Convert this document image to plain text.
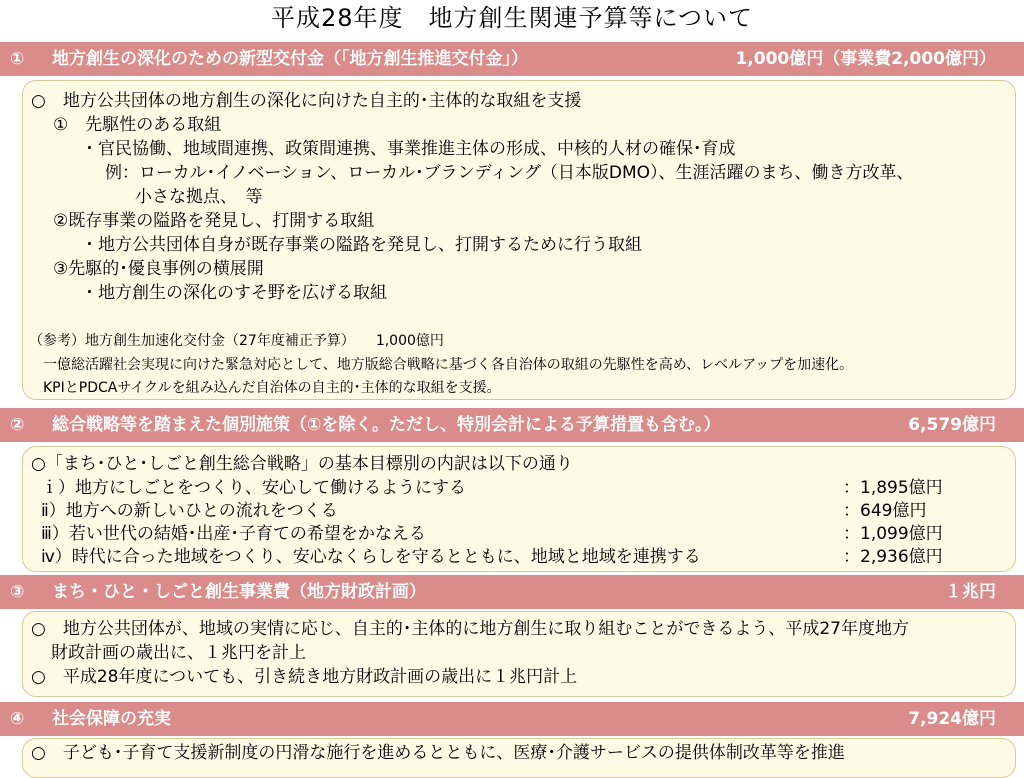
平成28年度　地方創生関連予算等について
① 地方創生の深化のための新型交付金（「地方創生推進交付金」）	1,000億円（事業費2,000億円）
○　地方公共団体の地方創生の深化に向けた自主的･主体的な取組を支援
①　先駆性のある取組
・官民協働、地域間連携、政策間連携、事業推進主体の形成、中核的人材の確保･育成
例：ローカル･イノベーション、ローカル･ブランディング（日本版DMO）、生涯活躍のまち、働き方改革、
小さな拠点、　等
②既存事業の隘路を発見し、打開する取組
・地方公共団体自身が既存事業の隘路を発見し、打開するために行う取組
③先駆的･優良事例の横展開
・地方創生の深化のすそ野を広げる取組
（参考）地方創生加速化交付金（27年度補正予算）　　1,000億円
一億総活躍社会実現に向けた緊急対応として、地方版総合戦略に基づく各自治体の取組の先駆性を高め、レベルアップを加速化。
KPIとPDCAサイクルを組み込んだ自治体の自主的･主体的な取組を支援。
② 総合戦略等を踏まえた個別施策（①を除く。ただし、特別会計による予算措置も含む。）	6,579億円
○「まち･ひと･しごと創生総合戦略」の基本目標別の内訳は以下の通り
ｉ）地方にしごとをつくり、安心して働けるようにする	：1,895億円
ⅱ）地方への新しいひとの流れをつくる	：649億円
ⅲ）若い世代の結婚･出産･子育ての希望をかなえる	：1,099億円
ⅳ）時代に合った地域をつくり、安心なくらしを守るとともに、地域と地域を連携する	：2,936億円
③ まち・ひと・しごと創生事業費（地方財政計画）	１兆円
○　地方公共団体が、地域の実情に応じ、自主的･主体的に地方創生に取り組むことができるよう、平成27年度地方
財政計画の歳出に、１兆円を計上
○　平成28年度についても、引き続き地方財政計画の歳出に１兆円計上
④ 社会保障の充実	7,924億円
○　子ども･子育て支援新制度の円滑な施行を進めるとともに、医療･介護サービスの提供体制改革等を推進
